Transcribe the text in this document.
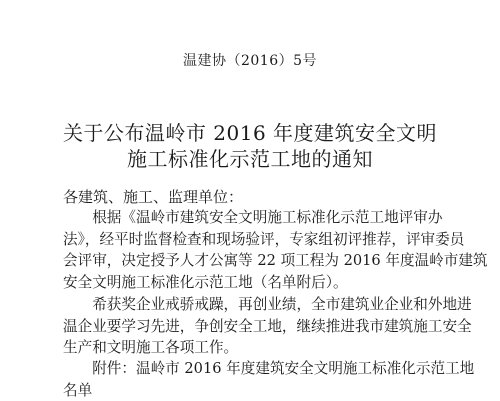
温建协（2016）5号
关于公布温岭市 2016 年度建筑安全文明
施工标准化示范工地的通知
各建筑、施工、监理单位：
　　根据《温岭市建筑安全文明施工标准化示范工地评审办
法》，经平时监督检查和现场验评，专家组初评推荐，评审委员
会评审，决定授予人才公寓等 22 项工程为 2016 年度温岭市建筑
安全文明施工标准化示范工地（名单附后）。
　　希获奖企业戒骄戒躁，再创业绩，全市建筑业企业和外地进
温企业要学习先进，争创安全工地，继续推进我市建筑施工安全
生产和文明施工各项工作。
　　附件：温岭市 2016 年度建筑安全文明施工标准化示范工地
名单
